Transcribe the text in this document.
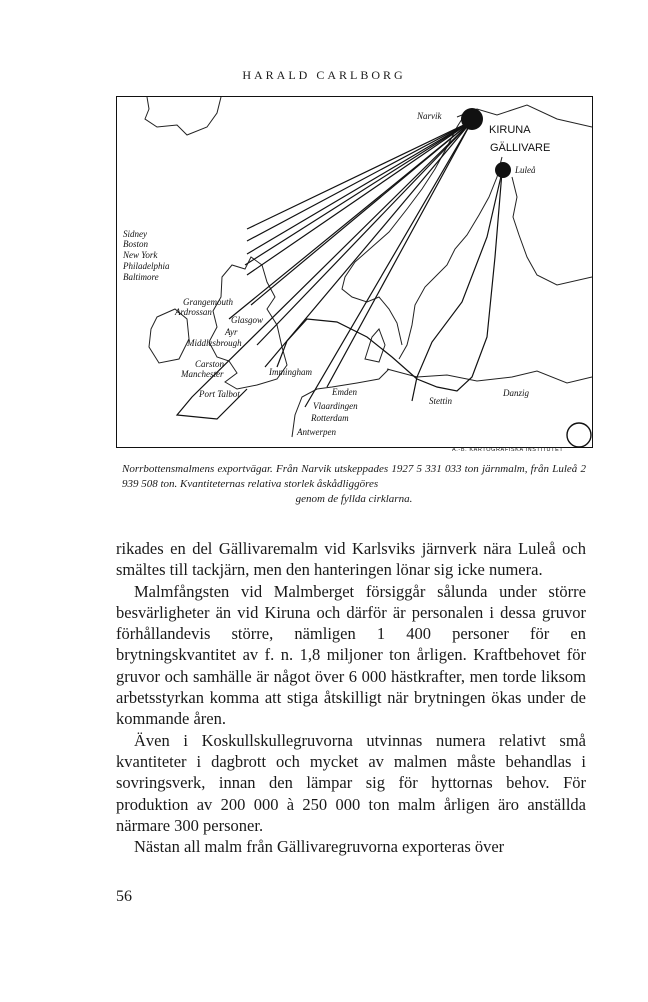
HARALD CARLBORG
Narvik
KIRUNA
GÄLLIVARE
Luleå
Sidney
Boston
New York
Philadelphia
Baltimore
Grangemouth
Ardrossan
Glasgow
Ayr
Middlesbrough
Carston
Manchester	Immingham
Port Talbot	Emden
Vlaardingen
Rotterdam
Antwerpen
Stettin
Danzig
A.-B. KARTOGRAFISKA INSTITUTET
Norrbottensmalmens exportvägar. Från Narvik utskeppades 1927 5 331 033 ton järnmalm, från Luleå 2 939 508 ton. Kvantiteternas relativa storlek åskådliggöres
genom de fyllda cirklarna.

rikades en del Gällivaremalm vid Karlsviks järnverk nära Luleå och smältes till tackjärn, men den hanteringen lönar sig icke numera.

Malmfångsten vid Malmberget försiggår sålunda under större besvärligheter än vid Kiruna och därför är personalen i dessa gruvor förhållandevis större, nämligen 1 400 personer för en brytningskvantitet av f. n. 1,8 miljoner ton årligen. Kraftbehovet för gruvor och samhälle är något över 6 000 hästkrafter, men torde liksom arbetsstyrkan komma att stiga åtskilligt när brytningen ökas under de kommande åren.

Även i Koskullskullegruvorna utvinnas numera relativt små kvantiteter i dagbrott och mycket av malmen måste behandlas i sovringsverk, innan den lämpar sig för hyttornas behov. För produktion av 200 000 à 250 000 ton malm årligen äro anställda närmare 300 personer.

Nästan all malm från Gällivaregruvorna exporteras över

56
